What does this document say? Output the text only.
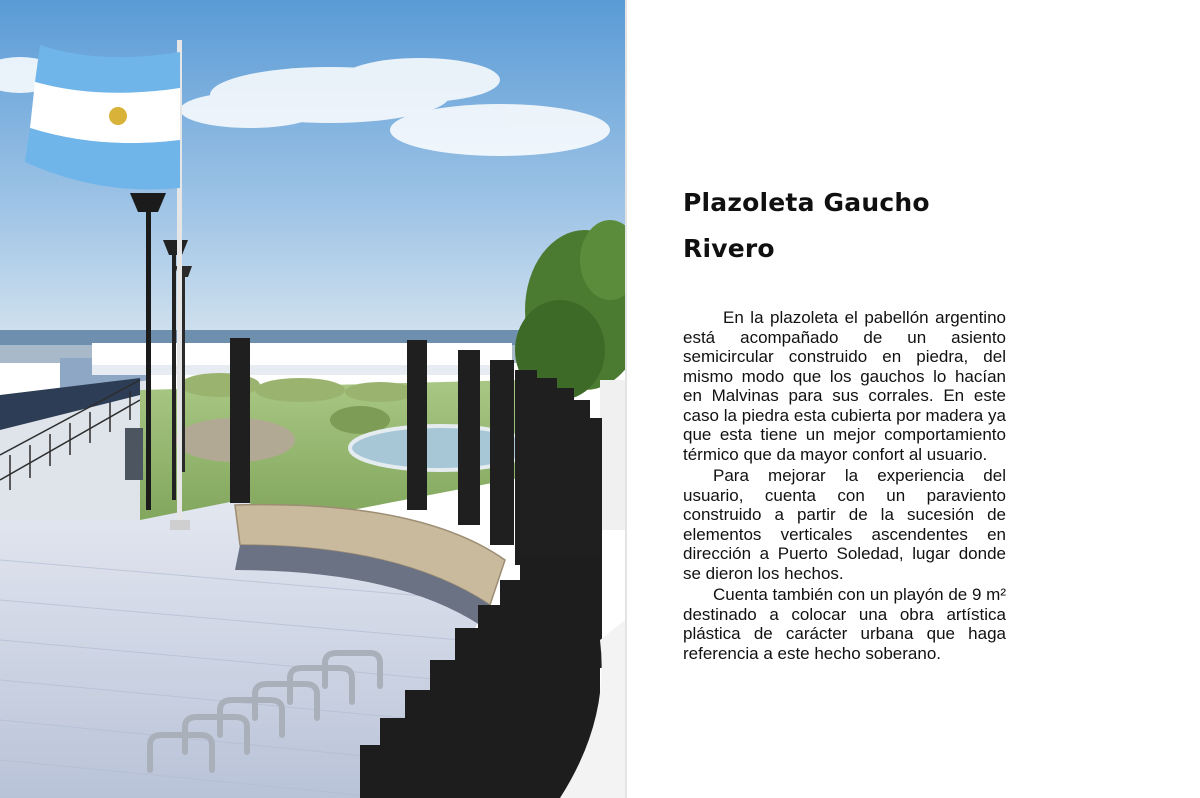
Plazoleta Gaucho
Rivero

En la plazoleta el pabellón argentino está acompañado de un asiento semicircular construido en piedra, del mismo modo que los gauchos lo hacían en Malvinas para sus corrales. En este caso la piedra esta cubierta por madera ya que esta tiene un mejor comportamiento térmico que da mayor confort al usuario.

Para mejorar la experiencia del usuario, cuenta con un paraviento construido a partir de la sucesión de elementos verticales ascendentes en dirección a Puerto Soledad, lugar donde se dieron los hechos.

Cuenta también con un playón de 9 m² destinado a colocar una obra artística plástica de carácter urbana que haga referencia a este hecho soberano.
